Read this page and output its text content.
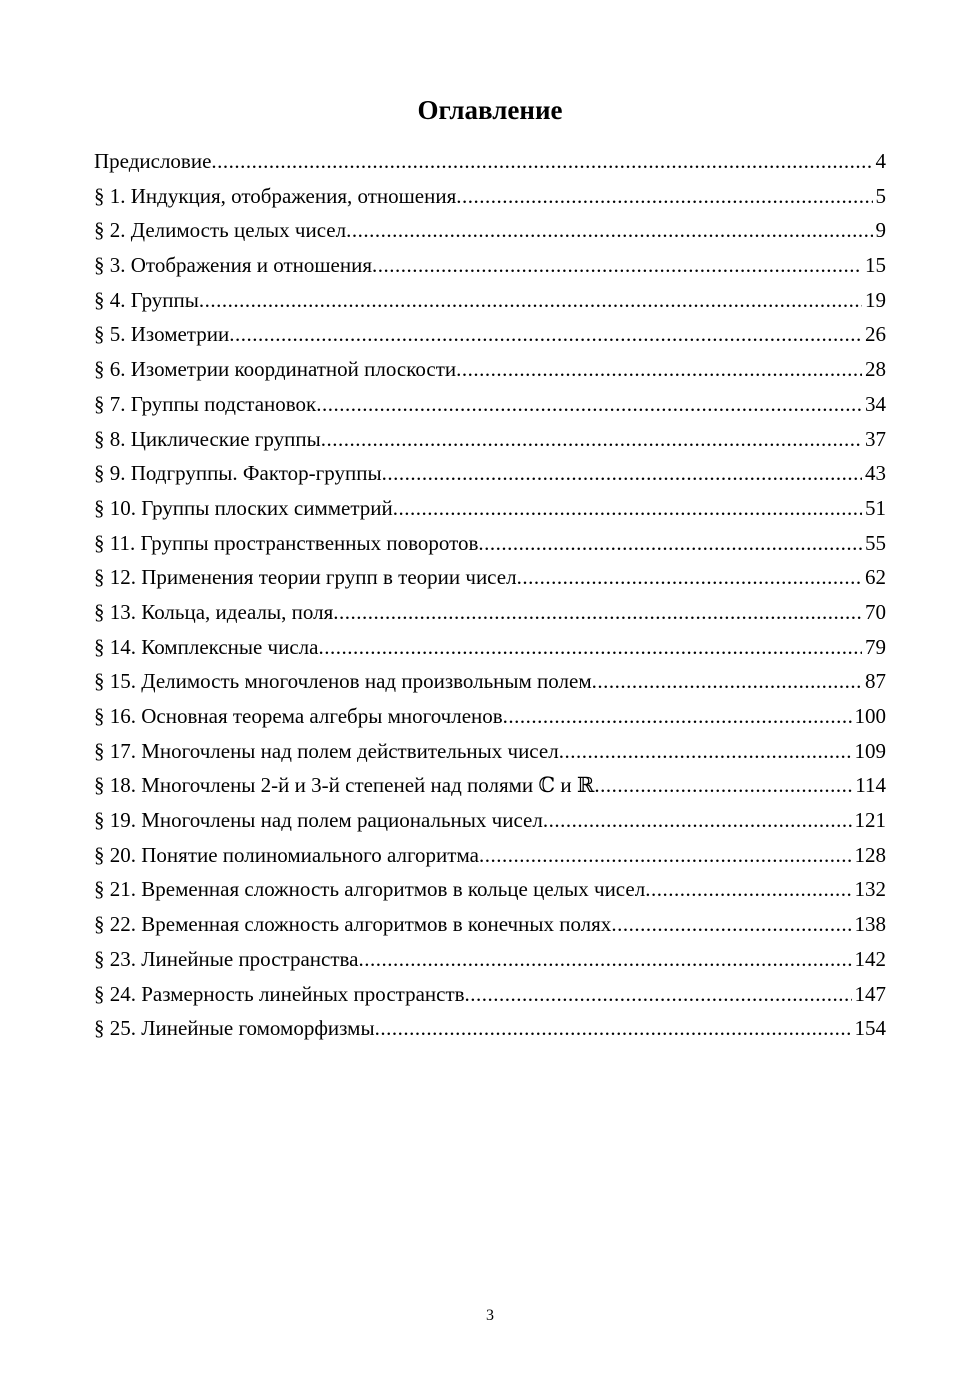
Оглавление
Предисловие .....	4
§ 1. Индукция, отображения, отношения .....	5
§ 2. Делимость целых чисел .....	9
§ 3. Отображения и отношения .....	15
§ 4. Группы .....	19
§ 5. Изометрии .....	26
§ 6. Изометрии координатной плоскости .....	28
§ 7. Группы подстановок .....	34
§ 8. Циклические группы .....	37
§ 9. Подгруппы. Фактор-группы .....	43
§ 10. Группы плоских симметрий .....	51
§ 11. Группы пространственных поворотов .....	55
§ 12. Применения теории групп в теории чисел .....	62
§ 13. Кольца, идеалы, поля .....	70
§ 14. Комплексные числа .....	79
§ 15. Делимость многочленов над произвольным полем .....	87
§ 16. Основная теорема алгебры многочленов .....	100
§ 17. Многочлены над полем действительных чисел .....	109
§ 18. Многочлены 2-й и 3-й степеней над полями ℂ и ℝ .....	114
§ 19. Многочлены над полем рациональных чисел .....	121
§ 20. Понятие полиномиального алгоритма .....	128
§ 21. Временная сложность алгоритмов в кольце целых чисел .....	132
§ 22. Временная сложность алгоритмов в конечных полях .....	138
§ 23. Линейные пространства .....	142
§ 24. Размерность линейных пространств .....	147
§ 25. Линейные гомоморфизмы .....	154
3
